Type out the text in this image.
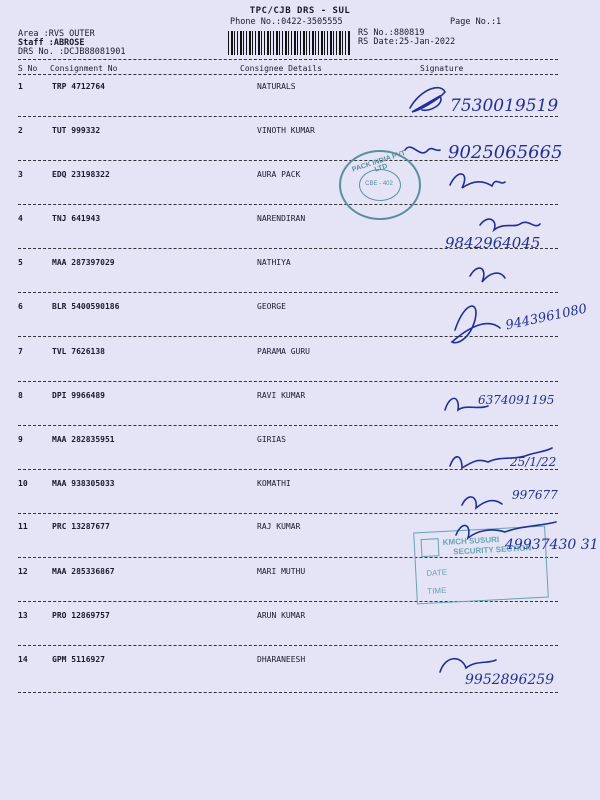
TPC/CJB DRS - SUL
Phone No.:0422-3505555	Page No.:1
Area :RVS OUTER
Staff :ABROSE
DRS No. :DCJB88081901
RS No.:880819
RS Date:25-Jan-2022
S No Consignment No	Consignee Details	Signature
1	TRP 4712764	NATURALS
2	TUT 999332	VINOTH KUMAR
3	EDQ 23198322	AURA PACK
4	TNJ 641943	NARENDIRAN
5	MAA 287397029	NATHIYA
6	BLR 5400590186	GEORGE
7	TVL 7626138	PARAMA GURU
8	DPI 9966489	RAVI KUMAR
9	MAA 282835951	GIRIAS
10	MAA 938305033	KOMATHI
11	PRC 13287677	RAJ KUMAR
12	MAA 285336867	MARI MUTHU
13	PRO 12869757	ARUN KUMAR
14	GPM 5116927	DHARANEESH
PACK INDIA PVT LTD
CBE - 402
KMCH SUSURI
SECURITY SECTION
DATE
TIME
7530019519
9025065665
9842964045
9443961080
6374091195
25/1/22
997677
49937430 31
9952896259
